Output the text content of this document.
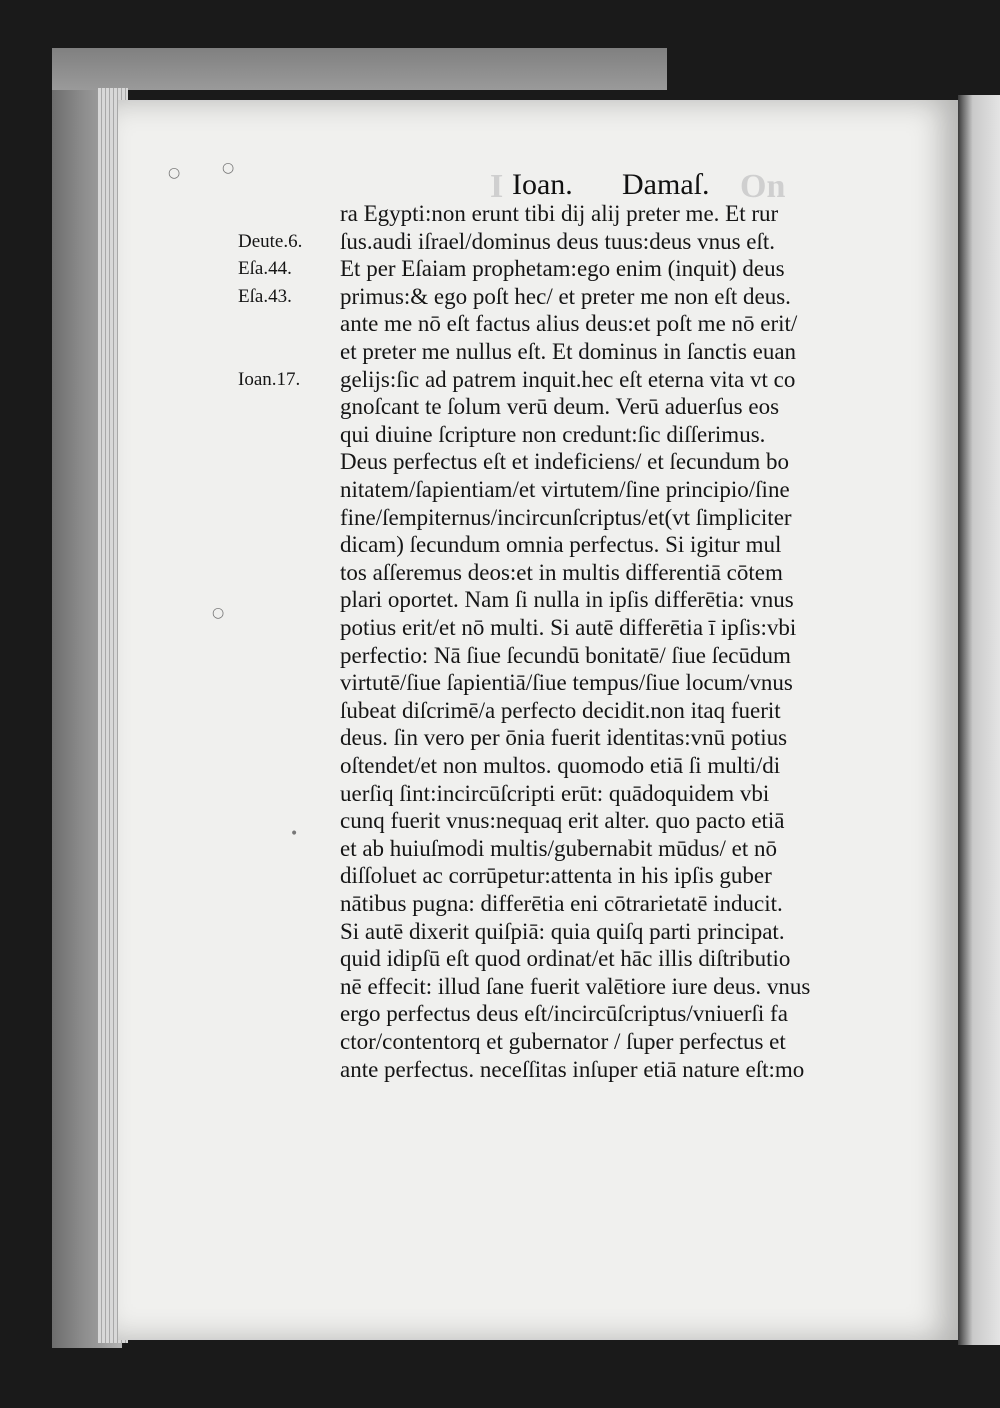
I	On
Ioan. Damaſ.
ra Egypti:non erunt tibi dij alij preter me. Et rur
ſus.audi iſrael/dominus deus tuus:deus vnus eſt.
Et per Eſaiam prophetam:ego enim (inquit) deus
primus:& ego poſt hec/ et preter me non eſt deus.
ante me nō eſt factus alius deus:et poſt me nō erit/
et preter me nullus eſt. Et dominus in ſanctis euan
gelijs:ſic ad patrem inquit.hec eſt eterna vita vt co
gnoſcant te ſolum verū deum. Verū aduerſus eos
qui diuine ſcripture non credunt:ſic diſſerimus.
Deus perfectus eſt et indeficiens/ et ſecundum bo
nitatem/ſapientiam/et virtutem/ſine principio/ſine
fine/ſempiternus/incircunſcriptus/et(vt ſimpliciter
dicam) ſecundum omnia perfectus. Si igitur mul
tos aſſeremus deos:et in multis differentiā cōtem
plari oportet. Nam ſi nulla in ipſis differētia: vnus
potius erit/et nō multi. Si autē differētia ī ipſis:vbi
perfectio: Nā ſiue ſecundū bonitatē/ ſiue ſecūdum
virtutē/ſiue ſapientiā/ſiue tempus/ſiue locum/vnus
ſubeat diſcrimē/a perfecto decidit.non itaq fuerit
deus. ſin vero per ōnia fuerit identitas:vnū potius
oſtendet/et non multos. quomodo etiā ſi multi/di
uerſiq ſint:incircūſcripti erūt: quādoquidem vbi
cunq fuerit vnus:nequaq erit alter. quo pacto etiā
et ab huiuſmodi multis/gubernabit mūdus/ et nō
diſſoluet ac corrūpetur:attenta in his ipſis guber
nātibus pugna: differētia eni cōtrarietatē inducit.
Si autē dixerit quiſpiā: quia quiſq parti principat.
quid idipſū eſt quod ordinat/et hāc illis diſtributio
nē effecit: illud ſane fuerit valētiore iure deus. vnus
ergo perfectus deus eſt/incircūſcriptus/vniuerſi fa
ctor/contentorq et gubernator / ſuper perfectus et
ante perfectus. neceſſitas inſuper etiā nature eſt:mo
Deute.6.
Eſa.44.
Eſa.43.
Ioan.17.
○	○
○
•
